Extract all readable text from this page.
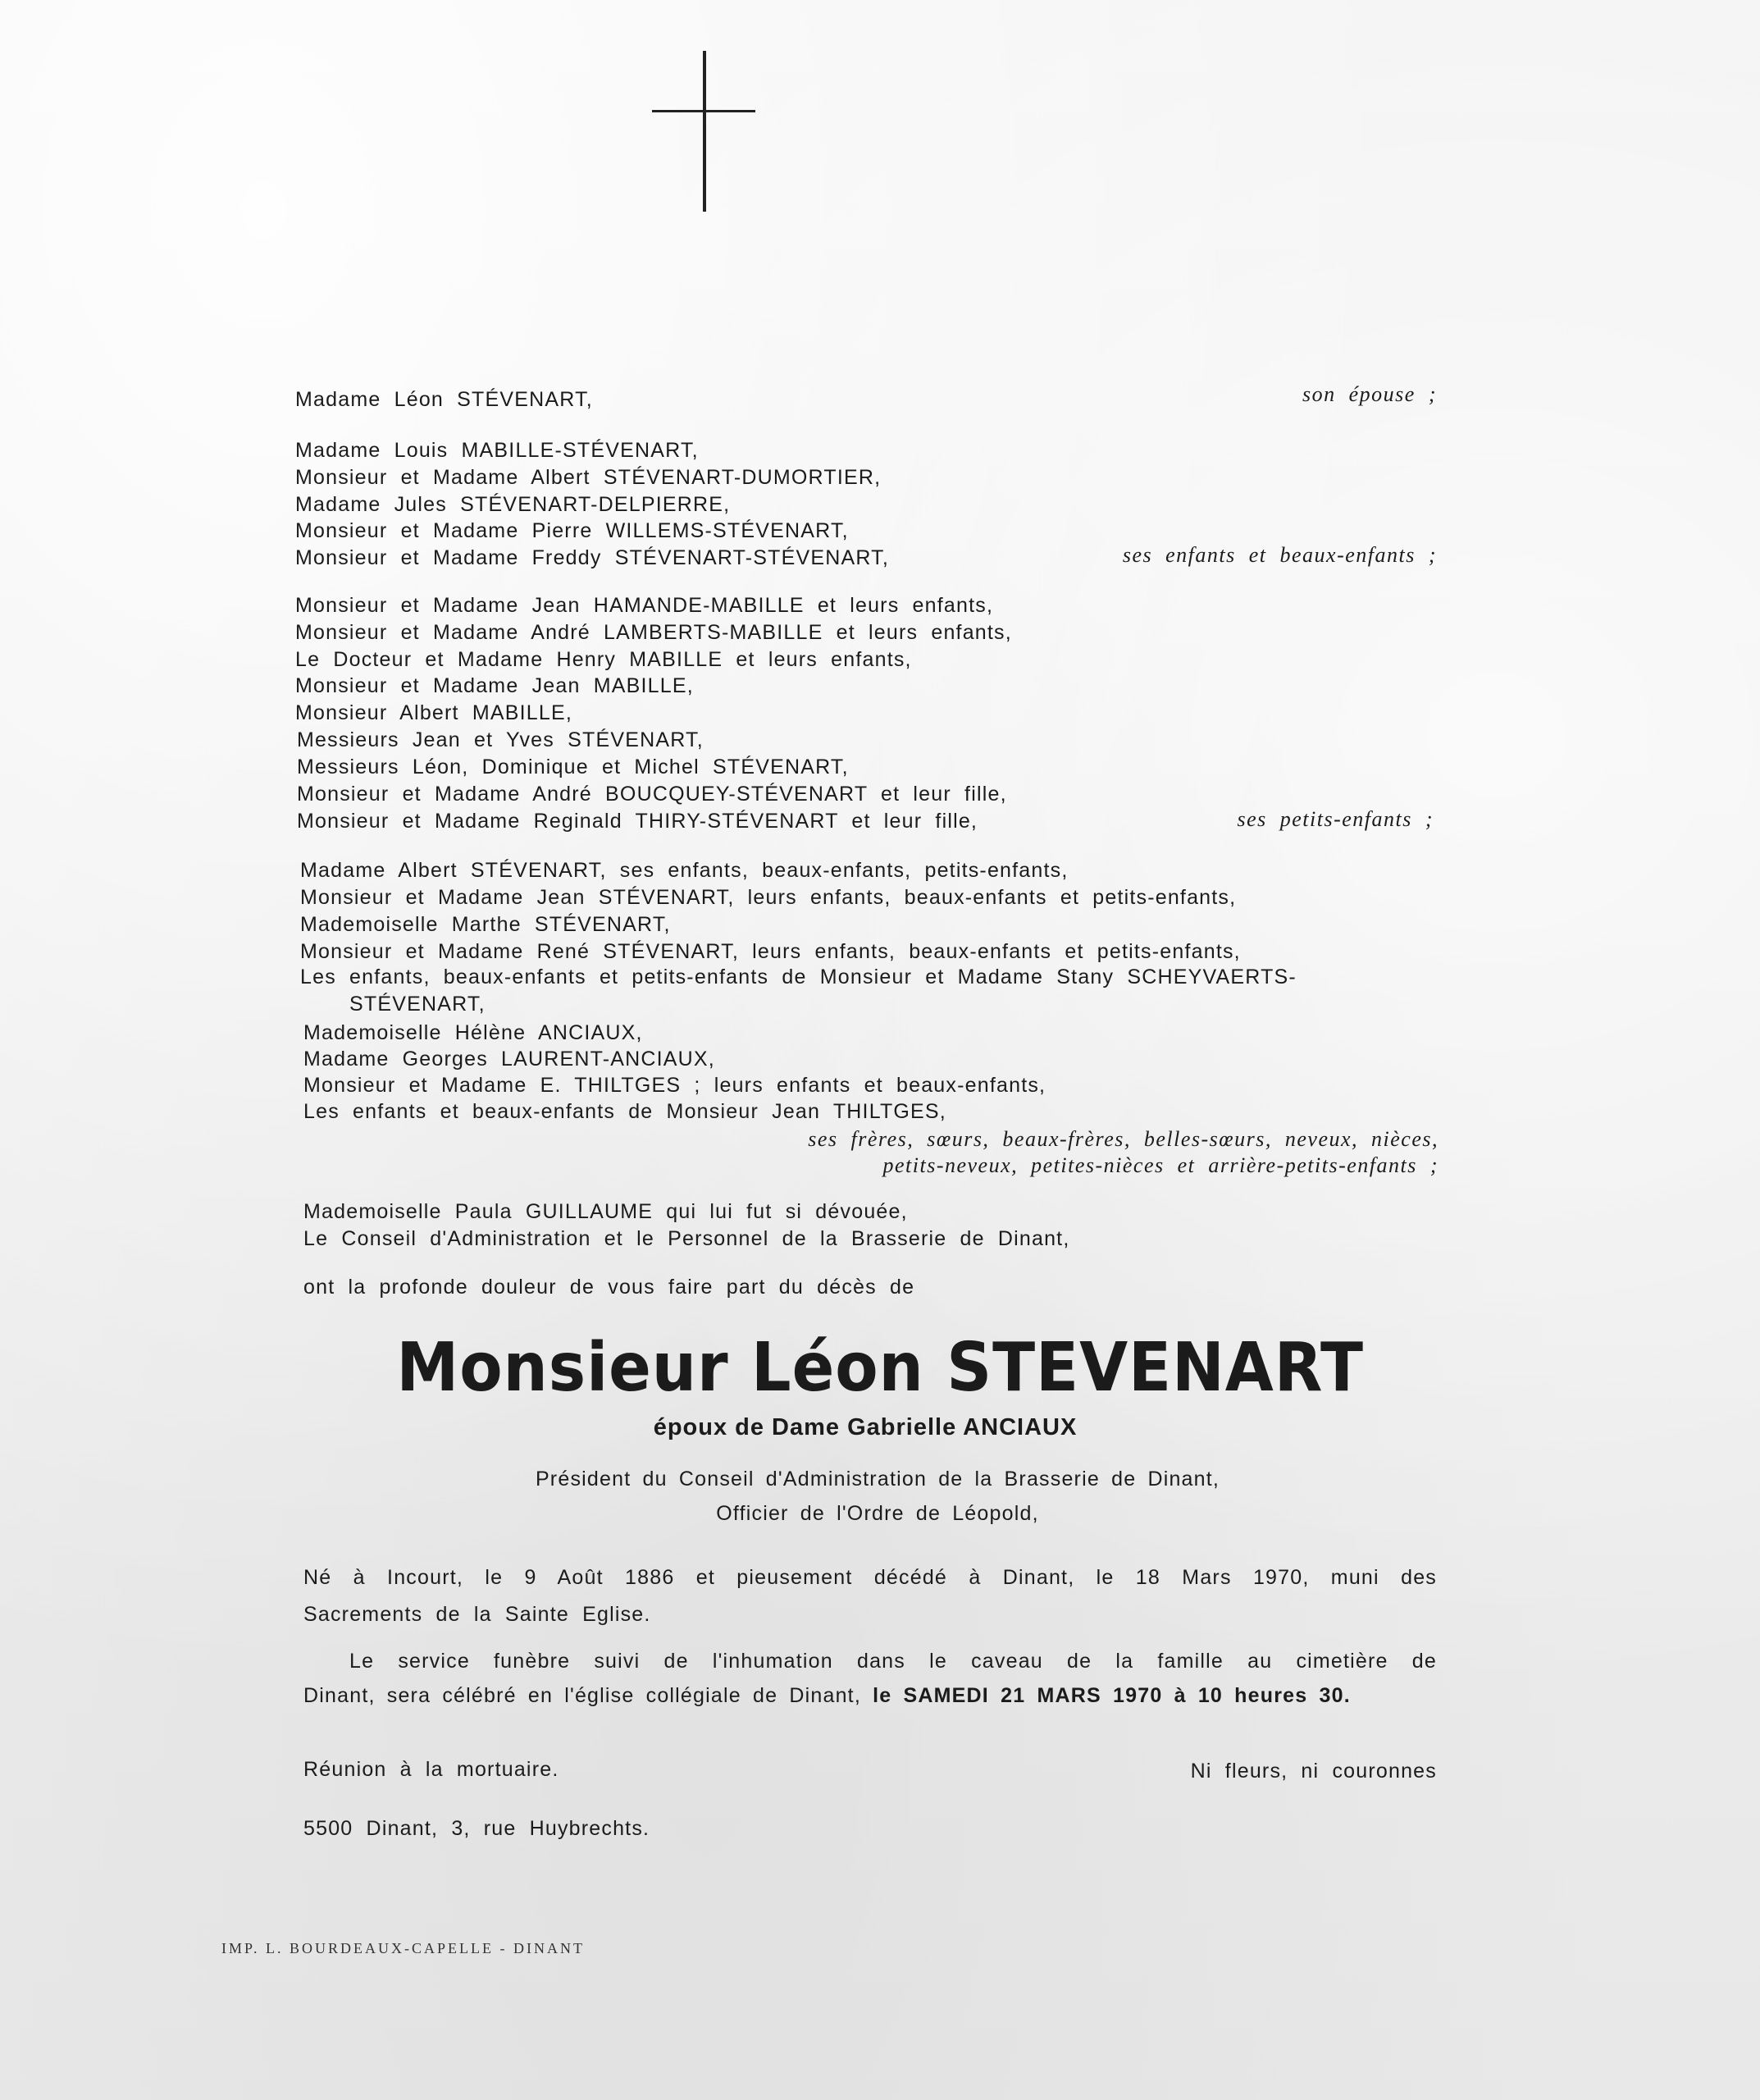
Madame Léon STÉVENART,	son épouse ;
Madame Louis MABILLE-STÉVENART,
Monsieur et Madame Albert STÉVENART-DUMORTIER,
Madame Jules STÉVENART-DELPIERRE,
Monsieur et Madame Pierre WILLEMS-STÉVENART,
Monsieur et Madame Freddy STÉVENART-STÉVENART,	ses enfants et beaux-enfants ;
Monsieur et Madame Jean HAMANDE-MABILLE et leurs enfants,
Monsieur et Madame André LAMBERTS-MABILLE et leurs enfants,
Le Docteur et Madame Henry MABILLE et leurs enfants,
Monsieur et Madame Jean MABILLE,
Monsieur Albert MABILLE,
Messieurs Jean et Yves STÉVENART,
Messieurs Léon, Dominique et Michel STÉVENART,
Monsieur et Madame André BOUCQUEY-STÉVENART et leur fille,
Monsieur et Madame Reginald THIRY-STÉVENART et leur fille,	ses petits-enfants ;
Madame Albert STÉVENART, ses enfants, beaux-enfants, petits-enfants,
Monsieur et Madame Jean STÉVENART, leurs enfants, beaux-enfants et petits-enfants,
Mademoiselle Marthe STÉVENART,
Monsieur et Madame René STÉVENART, leurs enfants, beaux-enfants et petits-enfants,
Les enfants, beaux-enfants et petits-enfants de Monsieur et Madame Stany SCHEYVAERTS-
STÉVENART,
Mademoiselle Hélène ANCIAUX,
Madame Georges LAURENT-ANCIAUX,
Monsieur et Madame E. THILTGES ; leurs enfants et beaux-enfants,
Les enfants et beaux-enfants de Monsieur Jean THILTGES,
ses frères, sœurs, beaux-frères, belles-sœurs, neveux, nièces,
petits-neveux, petites-nièces et arrière-petits-enfants ;
Mademoiselle Paula GUILLAUME qui lui fut si dévouée,
Le Conseil d'Administration et le Personnel de la Brasserie de Dinant,
ont la profonde douleur de vous faire part du décès de
Monsieur Léon STEVENART
époux de Dame Gabrielle ANCIAUX
Président du Conseil d'Administration de la Brasserie de Dinant,
Officier de l'Ordre de Léopold,
Né à Incourt, le 9 Août 1886 et pieusement décédé à Dinant, le 18 Mars 1970, muni des
Sacrements de la Sainte Eglise.
Le service funèbre suivi de l'inhumation dans le caveau de la famille au cimetière de
Dinant, sera célébré en l'église collégiale de Dinant, le SAMEDI 21 MARS 1970 à 10 heures 30.
Réunion à la mortuaire.	Ni fleurs, ni couronnes
5500 Dinant, 3, rue Huybrechts.
IMP. L. BOURDEAUX-CAPELLE - DINANT
